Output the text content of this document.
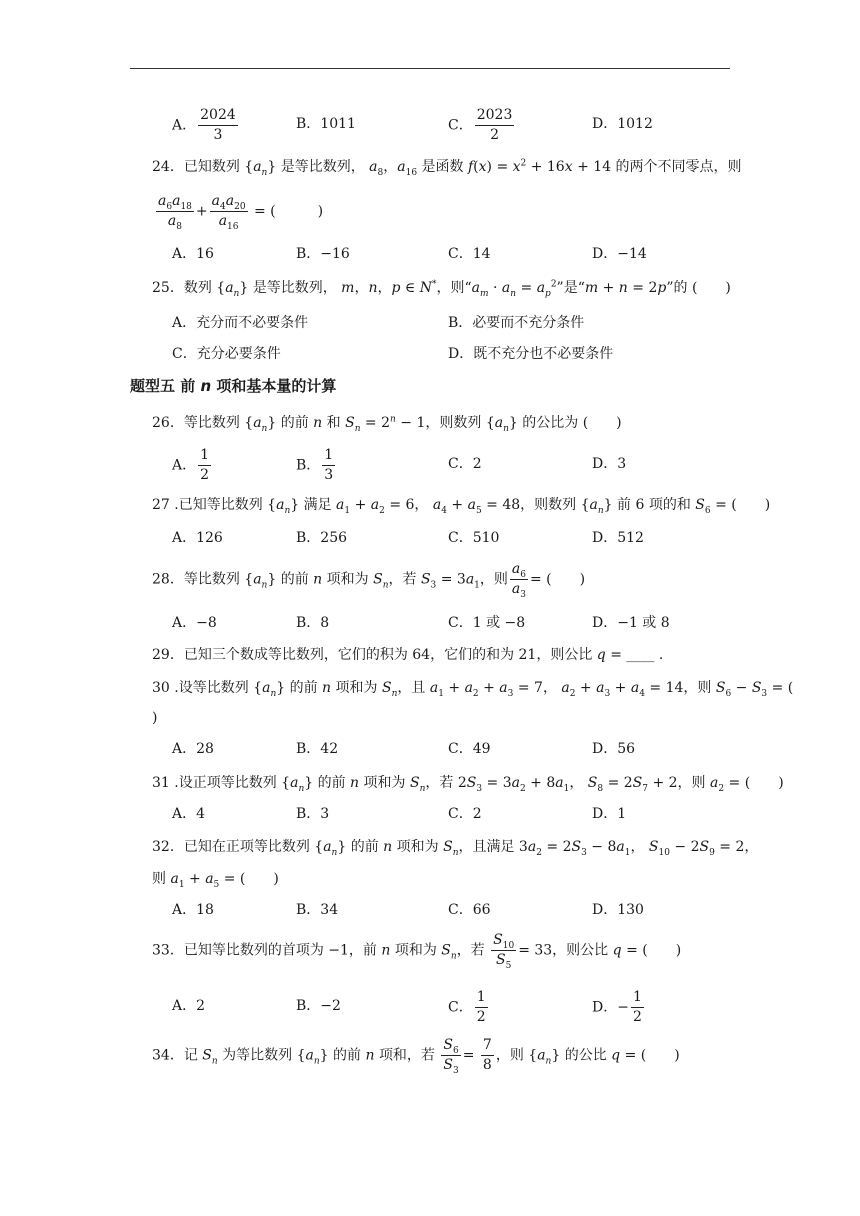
A． $\frac{2024}{3}$	B．1011	C． $\frac{2023}{2}$	D．1012
24．已知数列 $\{a_n\}$ 是等比数列， $a_8$，$a_{16}$ 是函数 $f(x) = x^2 + 16x + 14$ 的两个不同零点，则
$\frac{a_6a_{18}}{a_8} + \frac{a_4a_{20}}{a_{16}}$ = (　　　)
A．16	B．−16	C．14	D．−14
25．数列 $\{a_n\}$ 是等比数列， m，n，p ∈ N*，则“$a_m \cdot a_n = a_p^2$”是“m + n = 2p”的 (　　)
A．充分而不必要条件	B．必要而不充分条件
C．充分必要条件	D．既不充分也不必要条件
题型五 前 n 项和基本量的计算
26．等比数列 $\{a_n\}$ 的前 n 和 $S_n = 2^n - 1$，则数列 $\{a_n\}$ 的公比为 (　　)
A． $\frac{1}{2}$	B． $\frac{1}{3}$	C．2	D．3
27 .已知等比数列 $\{a_n\}$ 满足 $a_1 + a_2 = 6$， $a_4 + a_5 = 48$，则数列 $\{a_n\}$ 前 6 项的和 $S_6$ = (　　)
A．126	B．256	C．510	D．512
28．等比数列 $\{a_n\}$ 的前 n 项和为 $S_n$，若 $S_3 = 3a_1$，则 $\frac{a_6}{a_3}$ = (　　)
A．−8	B．8	C．1 或 −8	D．−1 或 8
29．已知三个数成等比数列，它们的积为 64，它们的和为 21，则公比 q = ____ .
30 .设等比数列 $\{a_n\}$ 的前 n 项和为 $S_n$，且 $a_1 + a_2 + a_3 = 7$， $a_2 + a_3 + a_4 = 14$，则 $S_6 - S_3$ = (
)
A．28	B．42	C．49	D．56
31 .设正项等比数列 $\{a_n\}$ 的前 n 项和为 $S_n$，若 $2S_3 = 3a_2 + 8a_1$， $S_8 = 2S_7 + 2$，则 $a_2$ = (　　)
A．4	B．3	C．2	D．1
32．已知在正项等比数列 $\{a_n\}$ 的前 n 项和为 $S_n$，且满足 $3a_2 = 2S_3 - 8a_1$， $S_{10} - 2S_9 = 2$，
则 $a_1 + a_5$ = (　　)
A．18	B．34	C．66	D．130
33．已知等比数列的首项为 −1，前 n 项和为 $S_n$，若 $\frac{S_{10}}{S_5} = 33$，则公比 q = (　　)
A．2	B．−2	C． $\frac{1}{2}$	D．− $\frac{1}{2}$
34．记 $S_n$ 为等比数列 $\{a_n\}$ 的前 n 项和，若 $\frac{S_6}{S_3} = \frac{7}{8}$ ，则 $\{a_n\}$ 的公比 q = (　　)
